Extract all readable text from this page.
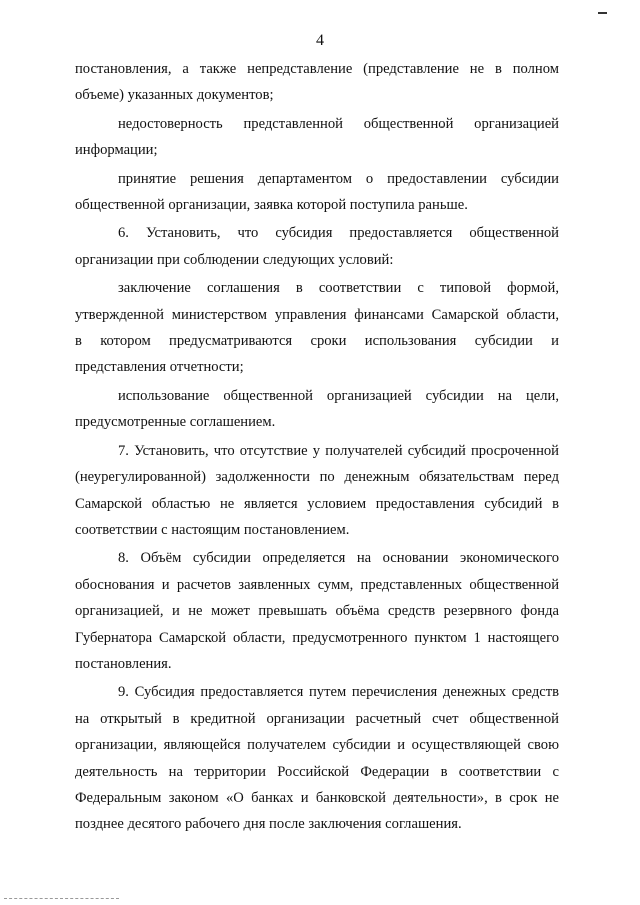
4

постановления, а также непредставление (представление не в полном

объеме) указанных документов;

недостоверность представленной общественной организацией

информации;

принятие решения департаментом о предоставлении субсидии

общественной организации, заявка которой поступила раньше.

6. Установить, что субсидия предоставляется общественной

организации при соблюдении следующих условий:

заключение соглашения в соответствии с типовой формой,

утвержденной министерством управления финансами Самарской области,

в котором предусматриваются сроки использования субсидии и

представления отчетности;

использование общественной организацией субсидии на цели,

предусмотренные соглашением.

7. Установить, что отсутствие у получателей субсидий просроченной

(неурегулированной) задолженности по денежным обязательствам перед

Самарской областью не является условием предоставления субсидий в

соответствии с настоящим постановлением.

8. Объём субсидии определяется на основании экономического

обоснования и расчетов заявленных сумм, представленных общественной

организацией, и не может превышать объёма средств резервного фонда

Губернатора Самарской области, предусмотренного пунктом 1 настоящего

постановления.

9. Субсидия предоставляется путем перечисления денежных средств

на открытый в кредитной организации расчетный счет общественной

организации, являющейся получателем субсидии и осуществляющей свою

деятельность на территории Российской Федерации в соответствии с

Федеральным законом «О банках и банковской деятельности», в срок не

позднее десятого рабочего дня после заключения соглашения.
